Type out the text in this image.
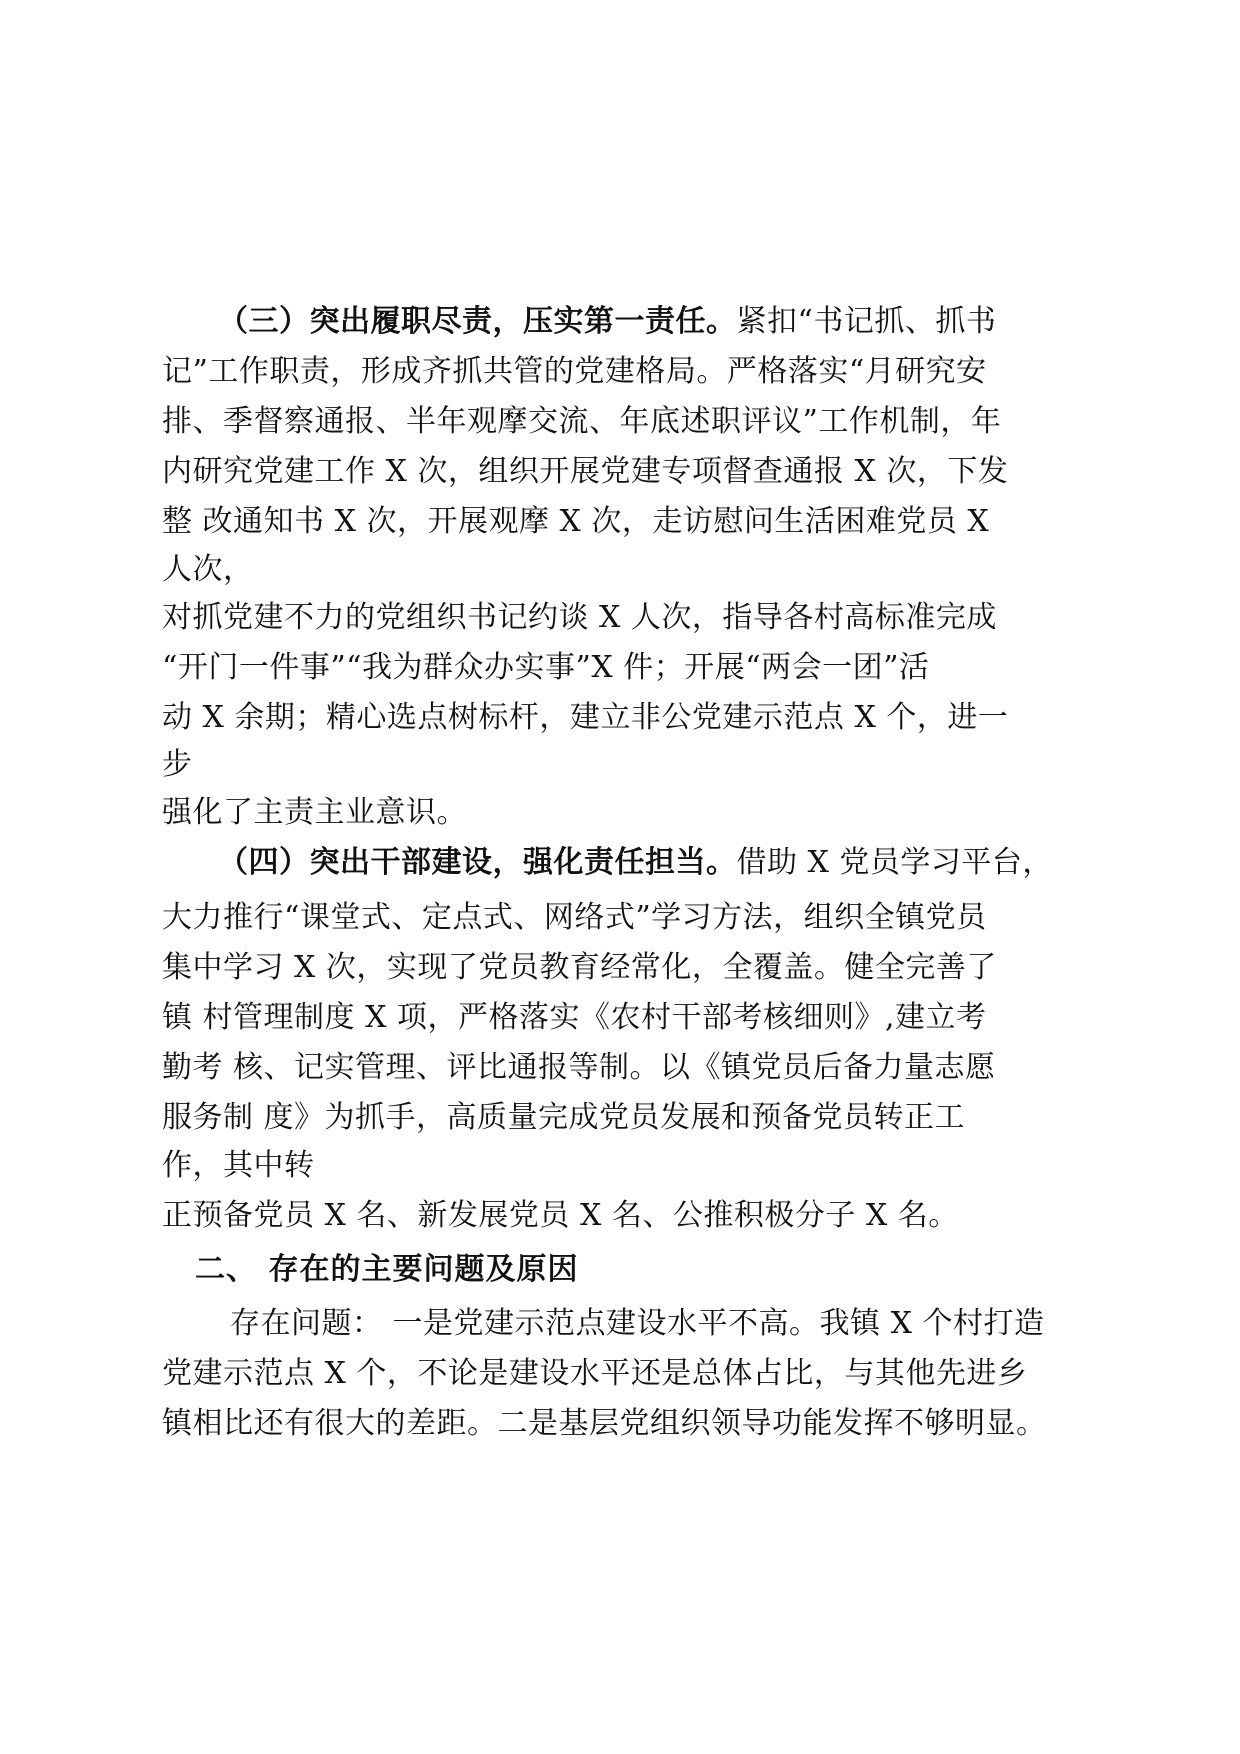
（三）突出履职尽责，压实第一责任。紧扣“书记抓、抓书
记”工作职责，形成齐抓共管的党建格局。严格落实“月研究安
排、季督察通报、半年观摩交流、年底述职评议”工作机制，年
内研究党建工作 X 次，组织开展党建专项督查通报 X 次，下发
整 改通知书 X 次，开展观摩 X 次，走访慰问生活困难党员 X
人次，
对抓党建不力的党组织书记约谈 X 人次，指导各村高标准完成
“开门一件事”“我为群众办实事”X 件；开展“两会一团”活
动 X 余期；精心选点树标杆，建立非公党建示范点 X 个，进一
步
强化了主责主业意识。
（四）突出干部建设，强化责任担当。借助 X 党员学习平台，
大力推行“课堂式、定点式、网络式”学习方法，组织全镇党员
集中学习 X 次，实现了党员教育经常化，全覆盖。健全完善了
镇 村管理制度 X 项，严格落实《农村干部考核细则》,建立考
勤考 核、记实管理、评比通报等制。以《镇党员后备力量志愿
服务制 度》为抓手，高质量完成党员发展和预备党员转正工
作，其中转
正预备党员 X 名、新发展党员 X 名、公推积极分子 X 名。
二、 存在的主要问题及原因
存在问题： 一是党建示范点建设水平不高。我镇 X 个村打造
党建示范点 X 个，不论是建设水平还是总体占比，与其他先进乡
镇相比还有很大的差距。二是基层党组织领导功能发挥不够明显。
